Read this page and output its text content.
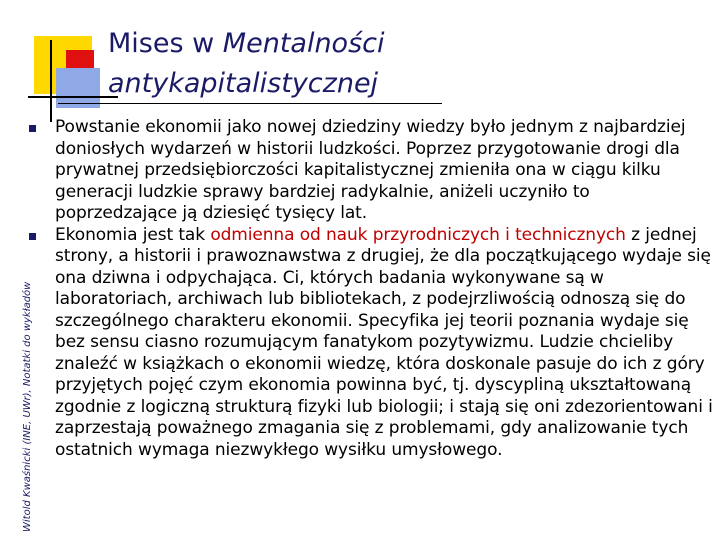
Mises w Mentalności
antykapitalistycznej
Witold Kwaśnicki (INE, UWr), Notatki do wykładów

Powstanie ekonomii jako nowej dziedziny wiedzy było jednym z najbardziej doniosłych wydarzeń w historii ludzkości. Poprzez przygotowanie drogi dla prywatnej przedsiębiorczości kapitalistycznej zmieniła ona w ciągu kilku generacji ludzkie sprawy bardziej radykalnie, aniżeli uczyniło to poprzedzające ją dziesięć tysięcy lat.

Ekonomia jest tak odmienna od nauk przyrodniczych i technicznych z jednej strony, a historii i prawoznawstwa z drugiej, że dla początkującego wydaje się ona dziwna i odpychająca. Ci, których badania wykonywane są w laboratoriach, archiwach lub bibliotekach, z podejrzliwością odnoszą się do szczególnego charakteru ekonomii. Specyfika jej teorii poznania wydaje się bez sensu ciasno rozumującym fanatykom pozytywizmu. Ludzie chcieliby znaleźć w książkach o ekonomii wiedzę, która doskonale pasuje do ich z góry przyjętych pojęć czym ekonomia powinna być, tj. dyscypliną ukształtowaną zgodnie z logiczną strukturą fizyki lub biologii; i stają się oni zdezorientowani i zaprzestają poważnego zmagania się z problemami, gdy analizowanie tych ostatnich wymaga niezwykłego wysiłku umysłowego.
